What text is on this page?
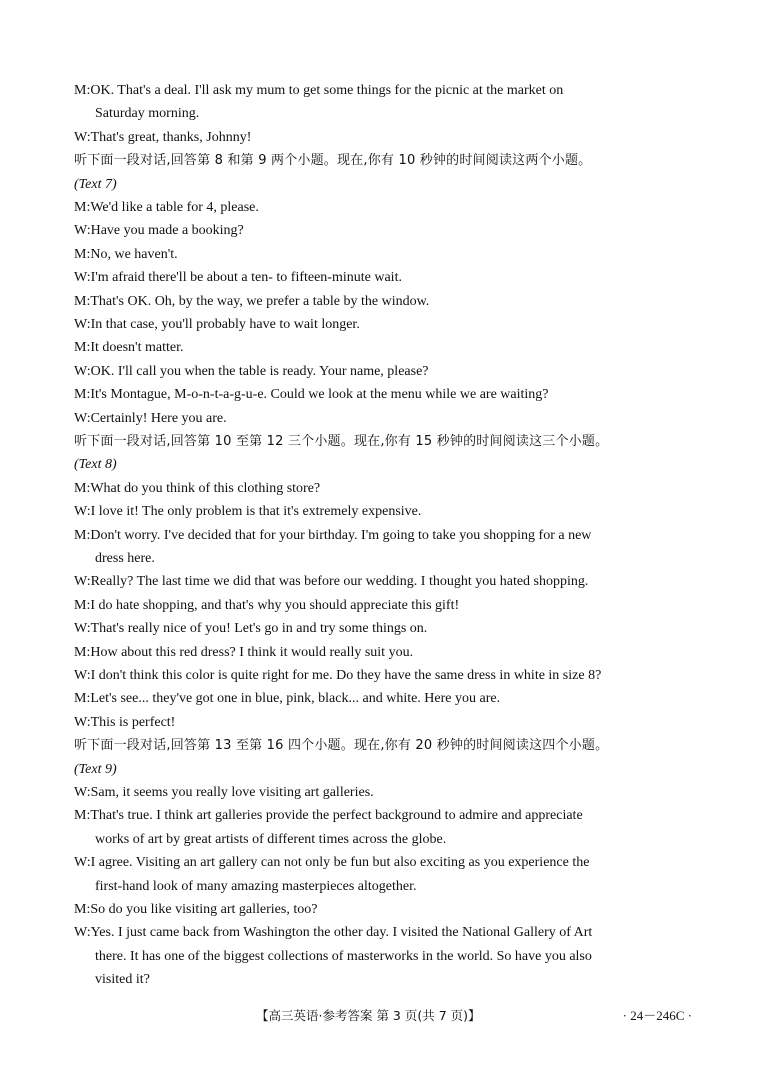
M:OK. That's a deal. I'll ask my mum to get some things for the picnic at the market on
Saturday morning.
W:That's great, thanks, Johnny!
听下面一段对话,回答第 8 和第 9 两个小题。现在,你有 10 秒钟的时间阅读这两个小题。
(Text 7)
M:We'd like a table for 4, please.
W:Have you made a booking?
M:No, we haven't.
W:I'm afraid there'll be about a ten- to fifteen-minute wait.
M:That's OK. Oh, by the way, we prefer a table by the window.
W:In that case, you'll probably have to wait longer.
M:It doesn't matter.
W:OK. I'll call you when the table is ready. Your name, please?
M:It's Montague, M-o-n-t-a-g-u-e. Could we look at the menu while we are waiting?
W:Certainly! Here you are.
听下面一段对话,回答第 10 至第 12 三个小题。现在,你有 15 秒钟的时间阅读这三个小题。
(Text 8)
M:What do you think of this clothing store?
W:I love it! The only problem is that it's extremely expensive.
M:Don't worry. I've decided that for your birthday. I'm going to take you shopping for a new
dress here.
W:Really? The last time we did that was before our wedding. I thought you hated shopping.
M:I do hate shopping, and that's why you should appreciate this gift!
W:That's really nice of you! Let's go in and try some things on.
M:How about this red dress? I think it would really suit you.
W:I don't think this color is quite right for me. Do they have the same dress in white in size 8?
M:Let's see... they've got one in blue, pink, black... and white. Here you are.
W:This is perfect!
听下面一段对话,回答第 13 至第 16 四个小题。现在,你有 20 秒钟的时间阅读这四个小题。
(Text 9)
W:Sam, it seems you really love visiting art galleries.
M:That's true. I think art galleries provide the perfect background to admire and appreciate
works of art by great artists of different times across the globe.
W:I agree. Visiting an art gallery can not only be fun but also exciting as you experience the
first-hand look of many amazing masterpieces altogether.
M:So do you like visiting art galleries, too?
W:Yes. I just came back from Washington the other day. I visited the National Gallery of Art
there. It has one of the biggest collections of masterworks in the world. So have you also
visited it?
【高三英语·参考答案 第 3 页(共 7 页)】	· 24－246C ·
